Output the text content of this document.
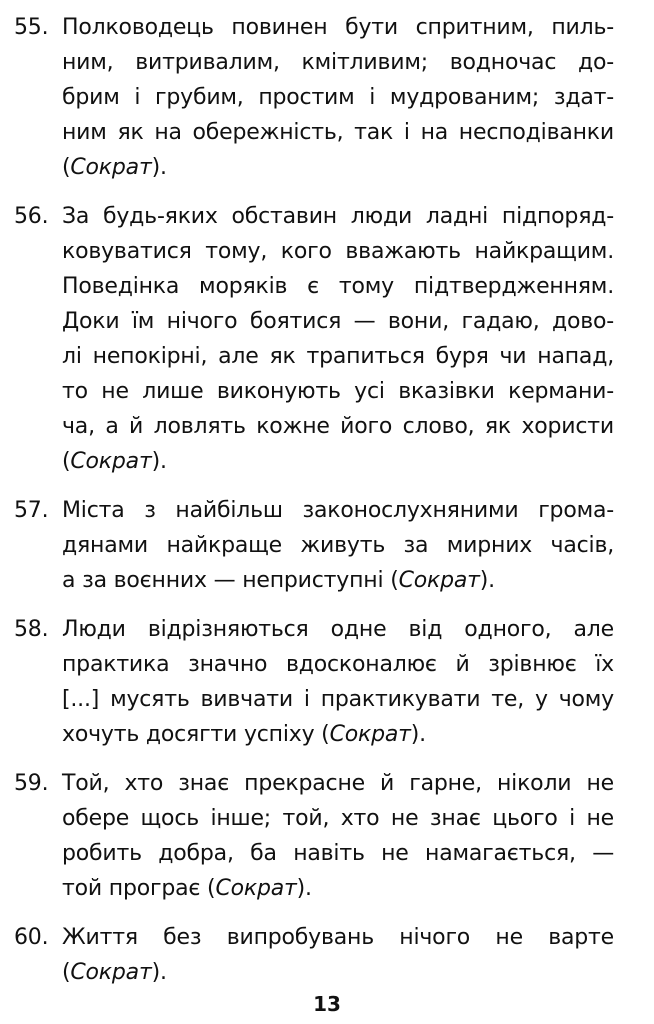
55. Полководець повинен бути спритним, пиль-
ним, витривалим, кмітливим; водночас до-
брим і грубим, простим і мудрованим; здат-
ним як на обережність, так і на несподіванки
(Сократ).
56. За будь-яких обставин люди ладні підпоряд-
ковуватися тому, кого вважають найкращим.
Поведінка моряків є тому підтвердженням.
Доки їм нічого боятися — вони, гадаю, дово-
лі непокірні, але як трапиться буря чи напад,
то не лише виконують усі вказівки кермани-
ча, а й ловлять кожне його слово, як хористи
(Сократ).
57. Міста з найбільш законослухняними грома-
дянами найкраще живуть за мирних часів,
а за воєнних — неприступні (Сократ).
58. Люди відрізняються одне від одного, але
практика значно вдосконалює й зрівнює їх
[...] мусять вивчати і практикувати те, у чому
хочуть досягти успіху (Сократ).
59. Той, хто знає прекрасне й гарне, ніколи не
обере щось інше; той, хто не знає цього і не
робить добра, ба навіть не намагається, —
той програє (Сократ).
60. Життя без випробувань нічого не варте
(Сократ).
13
